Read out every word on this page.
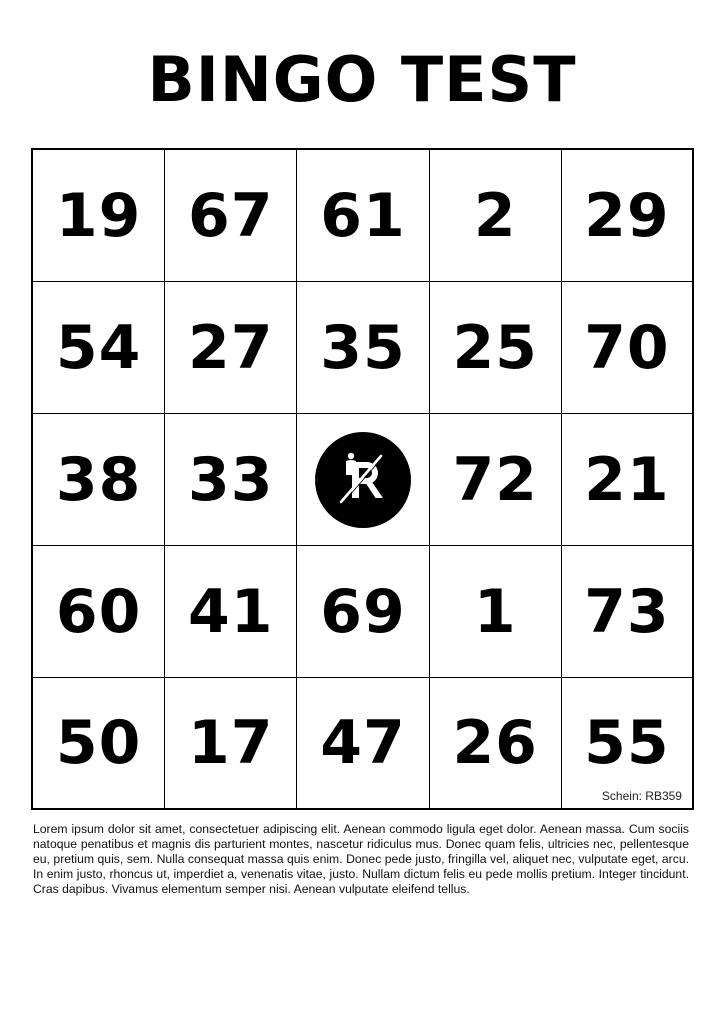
BINGO TEST
19 67 61 2 29
54 27 35 25 70
38 33	72 21
60 41 69 1 73
50 17 47 26 55
Schein: RB359
Lorem ipsum dolor sit amet, consectetuer adipiscing elit. Aenean commodo ligula eget dolor. Aenean massa. Cum sociis natoque penatibus et magnis dis parturient montes, nascetur ridiculus mus. Donec quam felis, ultricies nec, pellentesque eu, pretium quis, sem. Nulla consequat massa quis enim. Donec pede justo, fringilla vel, aliquet nec, vulputate eget, arcu. In enim justo, rhoncus ut, imperdiet a, venenatis vitae, justo. Nullam dictum felis eu pede mollis pretium. Integer tincidunt. Cras dapibus. Vivamus elementum semper nisi. Aenean vulputate eleifend tellus.
